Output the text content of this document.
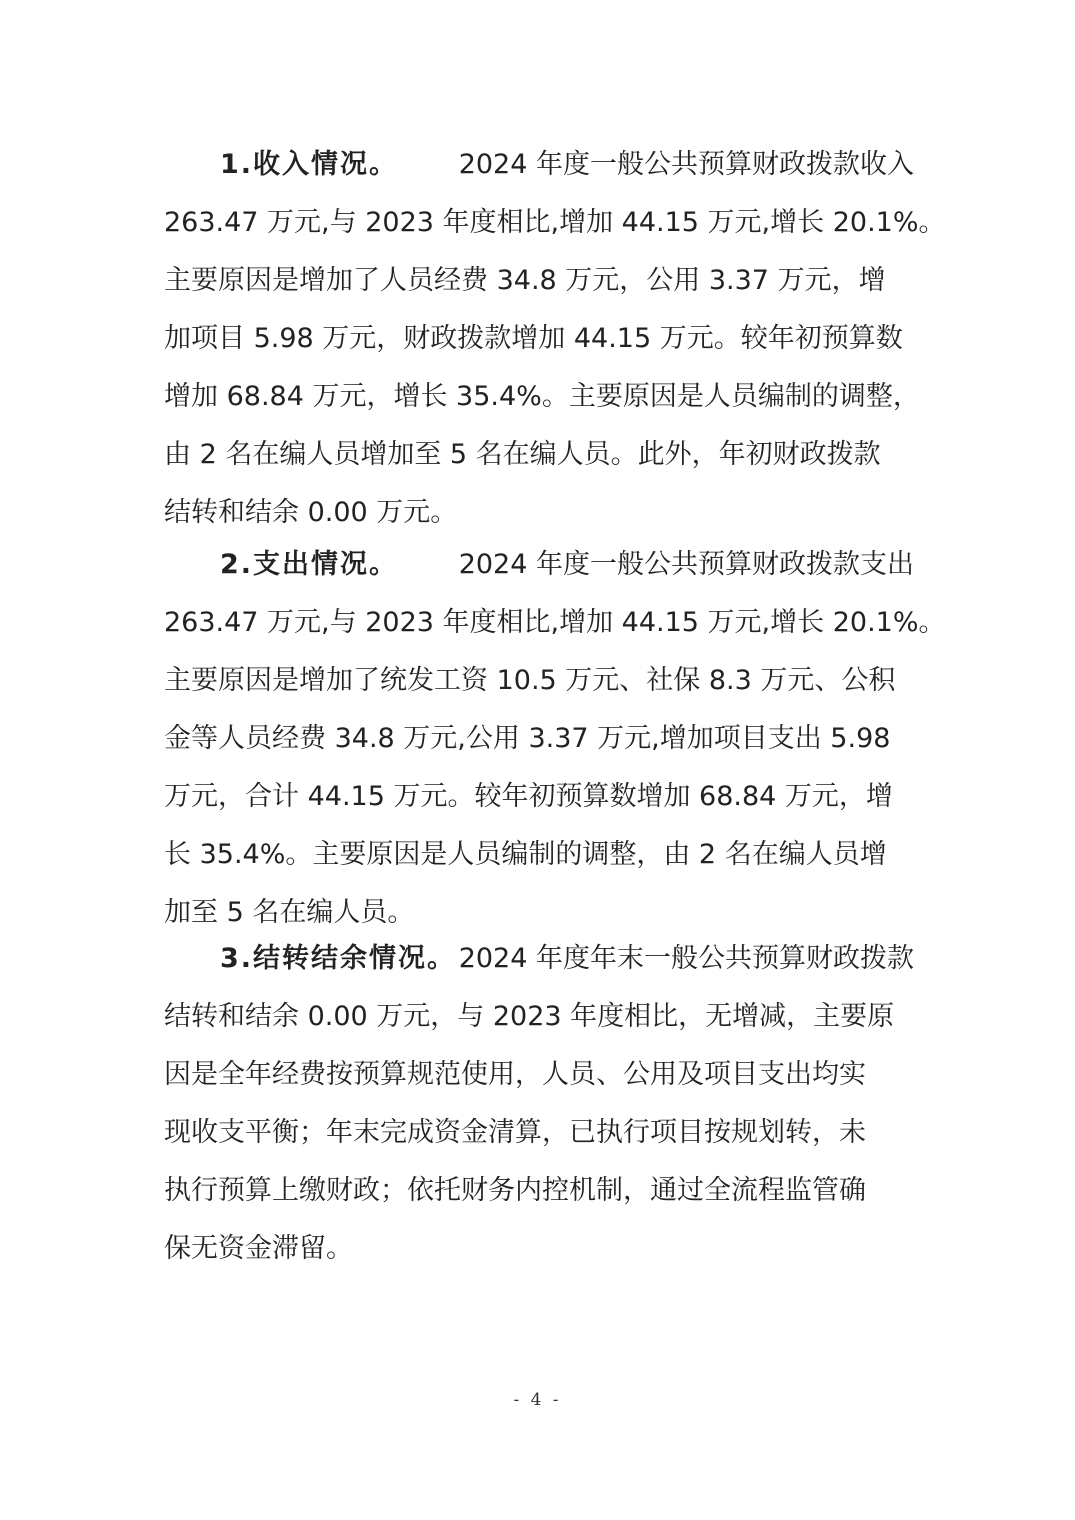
1.收入情况。 2024 年度一般公共预算财政拨款收入
263.47 万元,与 2023 年度相比,增加 44.15 万元,增长 20.1%。
主要原因是增加了人员经费 34.8 万元，公用 3.37 万元，增
加项目 5.98 万元，财政拨款增加 44.15 万元。较年初预算数
增加 68.84 万元，增长 35.4%。主要原因是人员编制的调整，
由 2 名在编人员增加至 5 名在编人员。此外，年初财政拨款
结转和结余 0.00 万元。
2.支出情况。 2024 年度一般公共预算财政拨款支出
263.47 万元,与 2023 年度相比,增加 44.15 万元,增长 20.1%。
主要原因是增加了统发工资 10.5 万元、社保 8.3 万元、公积
金等人员经费 34.8 万元,公用 3.37 万元,增加项目支出 5.98
万元，合计 44.15 万元。较年初预算数增加 68.84 万元，增
长 35.4%。主要原因是人员编制的调整，由 2 名在编人员增
加至 5 名在编人员。
3.结转结余情况。 2024 年度年末一般公共预算财政拨款
结转和结余 0.00 万元，与 2023 年度相比，无增减，主要原
因是全年经费按预算规范使用，人员、公用及项目支出均实
现收支平衡；年末完成资金清算，已执行项目按规划转，未
执行预算上缴财政；依托财务内控机制，通过全流程监管确
保无资金滞留。
- 4 -
